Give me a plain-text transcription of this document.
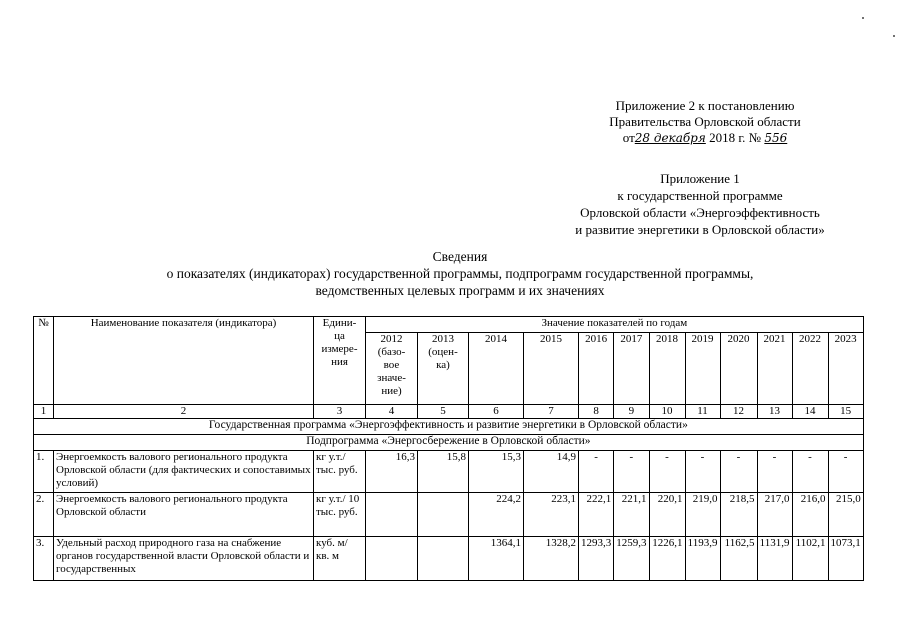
Приложение 2 к постановлению
Правительства Орловской области
от28 декабря 2018 г. № 556
Приложение 1
к государственной программе
Орловской области «Энергоэффективность
и развитие энергетики в Орловской области»
Сведения
о показателях (индикаторах) государственной программы, подпрограмм государственной программы,
ведомственных целевых программ и их значениях
№	Наименование показателя (индикатора)	Едини-
ца
измере-
ния	Значение показателей по годам											
			2012
(базо-
вое
значе-
ние)	2013
(оцен-
ка)	2014	2015	2016	2017	2018	2019	2020	2021	2022	2023
1	2	3	4	5	6	7	8	9	10	11	12	13	14	15
Государственная программа «Энергоэффективность и развитие энергетики в Орловской области»														
Подпрограмма «Энергосбережение в Орловской области»														
1.	Энергоемкость валового регионального продукта Орловской области (для фактических и сопоставимых условий)	кг у.т./ тыс. руб.	16,3	15,8	15,3	14,9	-	-	-	-	-	-	-	-
2.	Энергоемкость валового регионального продукта Орловской области	кг у.т./ 10 тыс. руб.			224,2	223,1	222,1	221,1	220,1	219,0	218,5	217,0	216,0	215,0
3.	Удельный расход природного газа на снабжение органов государственной власти Орловской области и государственных	куб. м/ кв. м			1364,1	1328,2	1293,3	1259,3	1226,1	1193,9	1162,5	1131,9	1102,1	1073,1
